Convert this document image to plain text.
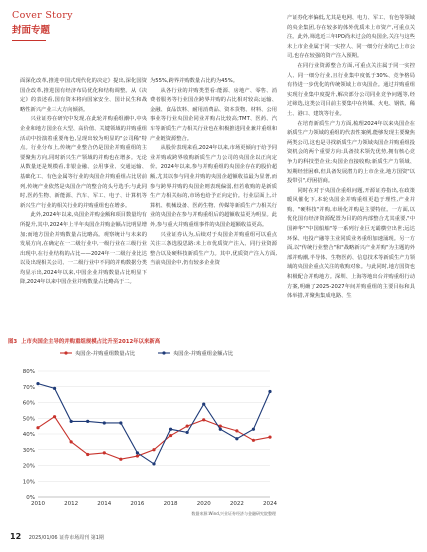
Cover Story
封面专题

面深化改革,推进中国式现代化的决定》提出,深化国资国企改革,推进国有经济布局优化和结构调整。从《决定》的表述看,国有资本将向国家安全、国计民生和战略性新兴产业三大方向倾斜。

兴业证券在研究中发现,在此轮并购重组潮中,中央企业和地方国企在大型、高价值、关键领域的并购重组活动中扮演着重要角色,呈现出较为明显的"公司稀"特点。行业分布上,传统产业整合仍是国企并购重组的主要聚焦方向,同时新兴生产领域的并购也在增多。无论从数量还是规模看,非银金融、公用事业、交通运输、基础化工、有色金属等行业的央国企并购重组占比居前列,传统产业依然是央国企产的整合的头号选手;与此同时,医药生物、新能源、汽车、军工、电子、计算机等新兴生产行业的相关行业的并购重组也在增多。

此外,2024年以来,央国企并购金额和项目数量均有所提升,其中,2024年上半年央国企并购金额占比明显增加;而地方国企并购数量占比略高。观察统计与未来的发展方向,在确定在一二级行业中,一级行业在三级行业出现中,在行业结构的占比——2024年一二级行业比达以及出现相关公司、一二级行业中不同的并购数据分类均显示出,2024年以来,中国企业并购数量占比明显下降,2024年以来中国企业并购数量占比略高于二。

为55%,跨界并购数量占比约为45%。

从各行业的并购类型看:能源、房地产、零售、消费者服务等行业国企跨界并购的占比相对较高;运输、金融、食品饮料、耐用消费品、资本货物、材料、公用事业等行业央国企同业并购占比较高;TMT、医药、汽车等新质生产力相关行业也在积极推进同业兼并重组和产业链资源整合。

从股价表现来看,2024年以来,市场更倾向于给予同业并购或跨界收购新质生产力公司的央国企以正向定价。2024年以来,参与并购重组的央国企存在的股价超额,尤其以参与同业并购的央国企超额收益最为显著,而参与跨界并购的央国企则表现偏弱,但若收购的是新质生产力相关标的,市场也给予正向定价。行业层面上,计算机、机械设备、医药生物、传媒等新质生产力相关行业的央国企在参与并购重组后的超额收益更为明显。此外,参与重大并购重组事件的央国企超额收益更高。

兴业证券认为,后续对于央国企并购重组可以重点关注三条选股思路:未上市优质资产注入、同行业资源整合以及硬科技新质生产力。其中,优质资产注入方面,当前央国企中,仍有较多企业资

产证券化率偏低,尤其是电网、电力、军工、有色等领域的央企集团,存在较多的体外优质未上市资产,可重点关注。此外,筛选近三年IPO尚未过会的央国企,关注与这些未上市企业属于同一实控人、同一细分行业的已上市公司,也存在较强的资产注入预期。

在同行业资源整合方面,可重点关注属于同一实控人、同一细分行业,且行业集中度低于30%、竞争格局有待进一步优化的传统领域上市央国企。通过并购重组实现行业集中度提升,解决部分公司同业竞争问题等,经过筛选,这类公司目前主要集中在传媒、火电、钢铁、稀土、港口、建筑等行业。

在培育新质生产力方面,梳理2024年以来央国企在新质生产力领域的重组的代表性案例,能够发现主要聚焦两类公司,这也是寻找新质生产力领域央国企并购重组投资机会的两个重要方向:具备技术领先优势,拥有核心竞争力的科技型企业;央国企直接收购;新质生产力领域、短期经营困难,但具备发展潜力的上市企业,地方国资"以投带引",纾困招商。

同时在对于央国企重组问题,开源证券指出,在政策暖风催化下,本轮央国企并购重组更趋于理性,产业并购、"硬科技"并购,市场化并购是主要特征。一方面,以优化国有经济资源配置为目的的内部整合尤其重要,"中国神华""中国船舶"等一系列行业巨无霸横空出世;远达环保、电投产融等主业同质业务重组加速涌现。另一方面,以"传统行业整合"和"战略新兴产业并购"为主题的外部并购潮,半导体、生物医药、信息技术等新质生产力领域的央国企重点关注的收购对象。与此同时,地方国资也积极配合并购地方。深圳、上海等地出台并购重组行动方案,明确了2025-2027年间并购重组的主要目标和具体举措,并聚焦集成电路、生

图3 上市央国企主导的并购重组规模占比升至2012年以来新高
0%
10%
20%
30%
40%
50%
60%
70%
80%
2010	2012	2014	2016	2018	2020	2022	2024
央国企-并购重组数量占比	央国企-并购重组金额占比
数据来源:Wind,兴业证券经济与金融研究院整理
12 2025/01/06 证券市场周刊 第1期
